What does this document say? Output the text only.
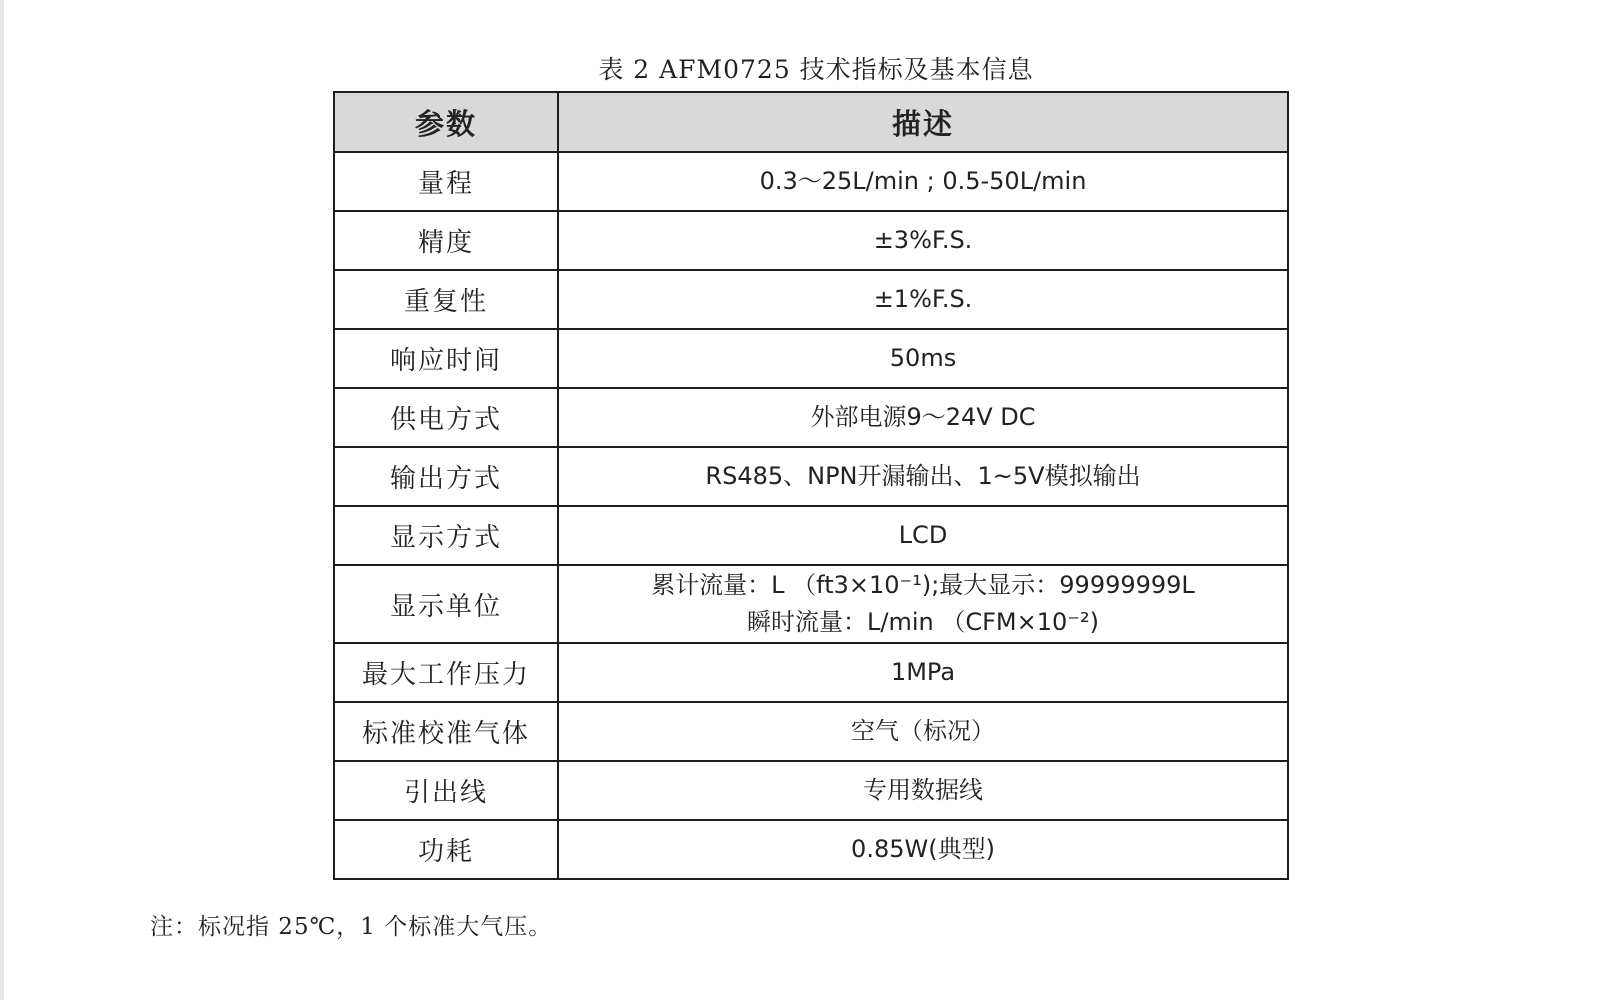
表 2 AFM0725 技术指标及基本信息
参数	描述
量程	0.3～25L/min ; 0.5-50L/min

精度	±3%F.S.

重复性	±1%F.S.

响应时间	50ms

供电方式	外部电源9～24V DC

输出方式	RS485、NPN开漏输出、1~5V模拟输出

显示方式	LCD

显示单位	累计流量：L （ft3×10⁻¹);最大显示：99999999L
瞬时流量：L/min （CFM×10⁻²)

最大工作压力	1MPa

标准校准气体	空气（标况）

引出线	专用数据线

功耗	0.85W(典型)
注：标况指 25℃，1 个标准大气压。
